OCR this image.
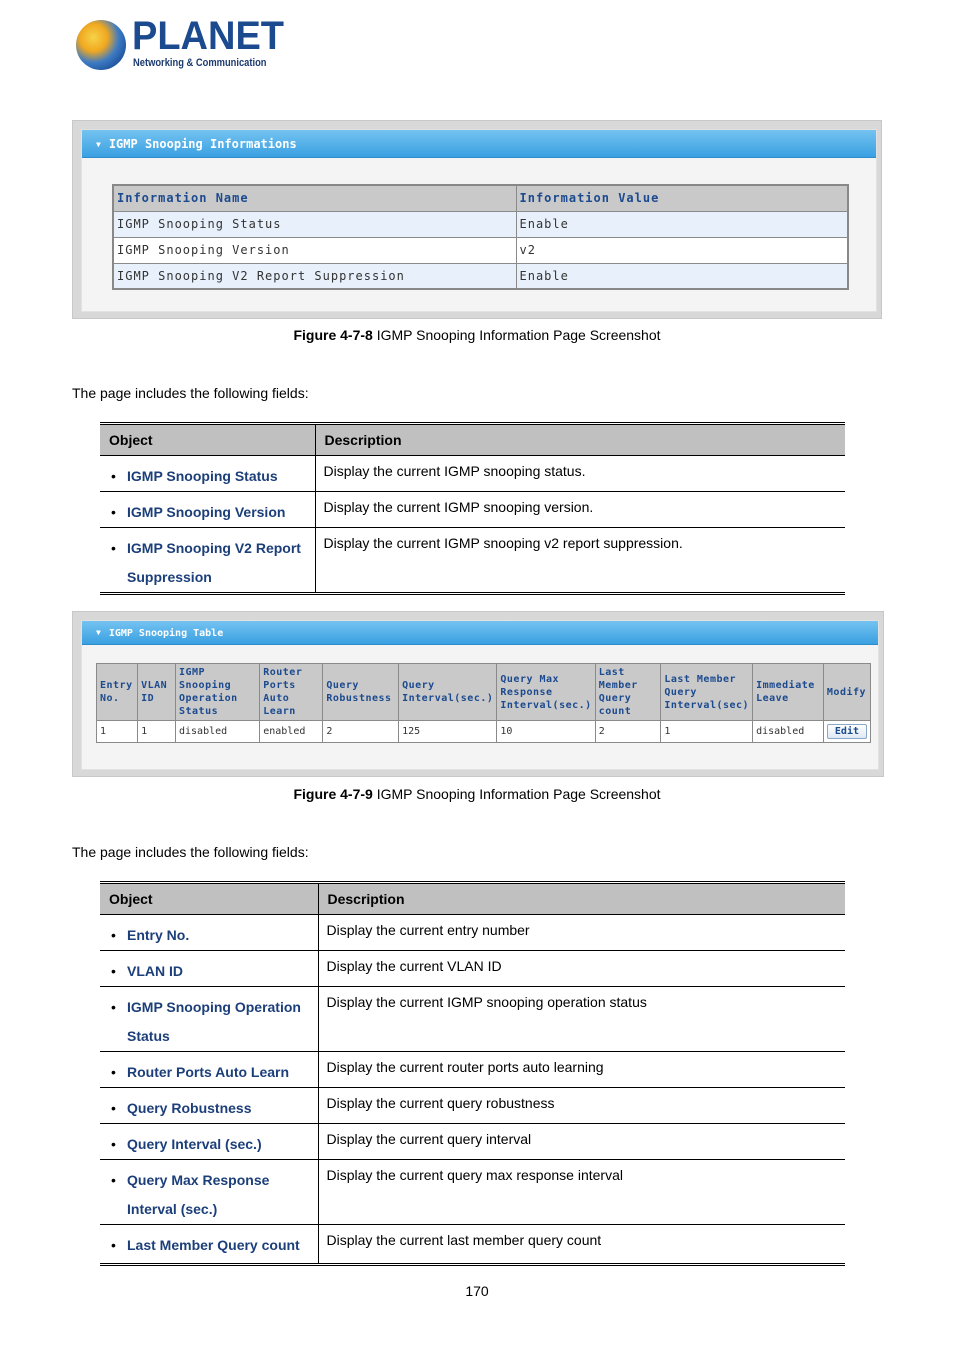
PLANET
Networking & Communication
▼ IGMP Snooping Informations
Information Name	Information Value
IGMP Snooping Status	Enable
IGMP Snooping Version	v2
IGMP Snooping V2 Report Suppression	Enable
Figure 4-7-8 IGMP Snooping Information Page Screenshot
The page includes the following fields:
Object	Description

• IGMP Snooping Status	Display the current IGMP snooping status.

• IGMP Snooping Version	Display the current IGMP snooping version.

• IGMP Snooping V2 Report Suppression	Display the current IGMP snooping v2 report suppression.
▼ IGMP Snooping Table
Entry No.	VLAN ID	IGMP Snooping Operation Status	Router Ports Auto Learn	Query Robustness	Query Interval(sec.)	Query Max Response Interval(sec.)	Last Member Query count	Last Member Query Interval(sec)	Immediate Leave	Modify
1	1	disabled	enabled	2	125	10	2	1	disabled	Edit
Figure 4-7-9 IGMP Snooping Information Page Screenshot
The page includes the following fields:
Object	Description

• Entry No.	Display the current entry number

• VLAN ID	Display the current VLAN ID

• IGMP Snooping Operation Status	Display the current IGMP snooping operation status

• Router Ports Auto Learn	Display the current router ports auto learning

• Query Robustness	Display the current query robustness

• Query Interval (sec.)	Display the current query interval

• Query Max Response Interval (sec.)	Display the current query max response interval

• Last Member Query count	Display the current last member query count
170
